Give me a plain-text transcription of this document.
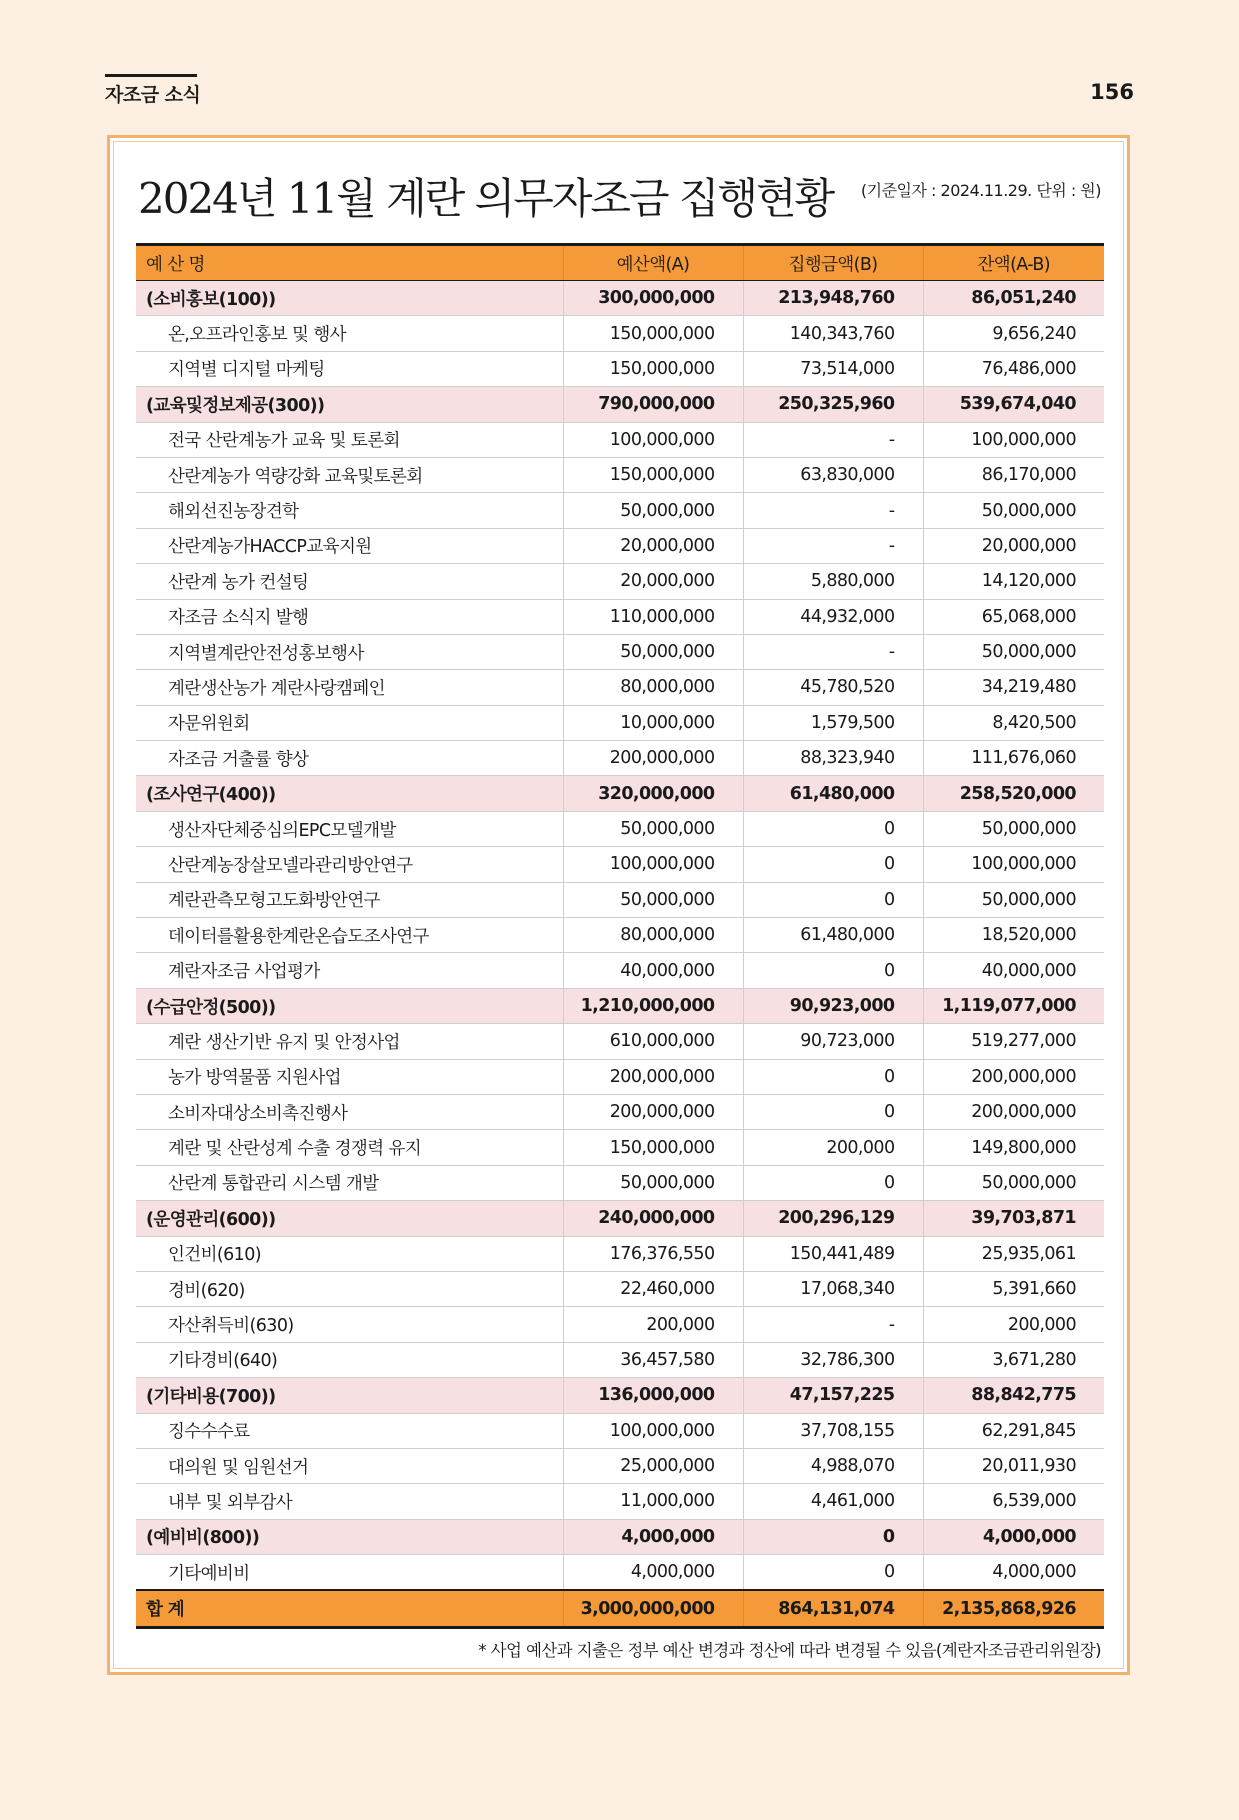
자조금 소식	156
2024년 11월 계란 의무자조금 집행현황 (기준일자 : 2024.11.29. 단위 : 원)
예 산 명	예산액(A)	집행금액(B)	잔액(A-B)
(소비홍보(100))	300,000,000	213,948,760	86,051,240
온,오프라인홍보 및 행사	150,000,000	140,343,760	9,656,240
지역별 디지털 마케팅	150,000,000	73,514,000	76,486,000
(교육및정보제공(300))	790,000,000	250,325,960	539,674,040
전국 산란계농가 교육 및 토론회	100,000,000	-	100,000,000
산란계농가 역량강화 교육및토론회	150,000,000	63,830,000	86,170,000
해외선진농장견학	50,000,000	-	50,000,000
산란계농가HACCP교육지원	20,000,000	-	20,000,000
산란계 농가 컨설팅	20,000,000	5,880,000	14,120,000
자조금 소식지 발행	110,000,000	44,932,000	65,068,000
지역별계란안전성홍보행사	50,000,000	-	50,000,000
계란생산농가 계란사랑캠페인	80,000,000	45,780,520	34,219,480
자문위원회	10,000,000	1,579,500	8,420,500
자조금 거출률 향상	200,000,000	88,323,940	111,676,060
(조사연구(400))	320,000,000	61,480,000	258,520,000
생산자단체중심의EPC모델개발	50,000,000	0	50,000,000
산란계농장살모넬라관리방안연구	100,000,000	0	100,000,000
계란관측모형고도화방안연구	50,000,000	0	50,000,000
데이터를활용한계란온습도조사연구	80,000,000	61,480,000	18,520,000
계란자조금 사업평가	40,000,000	0	40,000,000
(수급안정(500))	1,210,000,000	90,923,000	1,119,077,000
계란 생산기반 유지 및 안정사업	610,000,000	90,723,000	519,277,000
농가 방역물품 지원사업	200,000,000	0	200,000,000
소비자대상소비촉진행사	200,000,000	0	200,000,000
계란 및 산란성계 수출 경쟁력 유지	150,000,000	200,000	149,800,000
산란계 통합관리 시스템 개발	50,000,000	0	50,000,000
(운영관리(600))	240,000,000	200,296,129	39,703,871
인건비(610)	176,376,550	150,441,489	25,935,061
경비(620)	22,460,000	17,068,340	5,391,660
자산취득비(630)	200,000	-	200,000
기타경비(640)	36,457,580	32,786,300	3,671,280
(기타비용(700))	136,000,000	47,157,225	88,842,775
징수수수료	100,000,000	37,708,155	62,291,845
대의원 및 임원선거	25,000,000	4,988,070	20,011,930
내부 및 외부감사	11,000,000	4,461,000	6,539,000
(예비비(800))	4,000,000	0	4,000,000
기타예비비	4,000,000	0	4,000,000
합 계	3,000,000,000	864,131,074	2,135,868,926
* 사업 예산과 지출은 정부 예산 변경과 정산에 따라 변경될 수 있음(계란자조금관리위원장)
